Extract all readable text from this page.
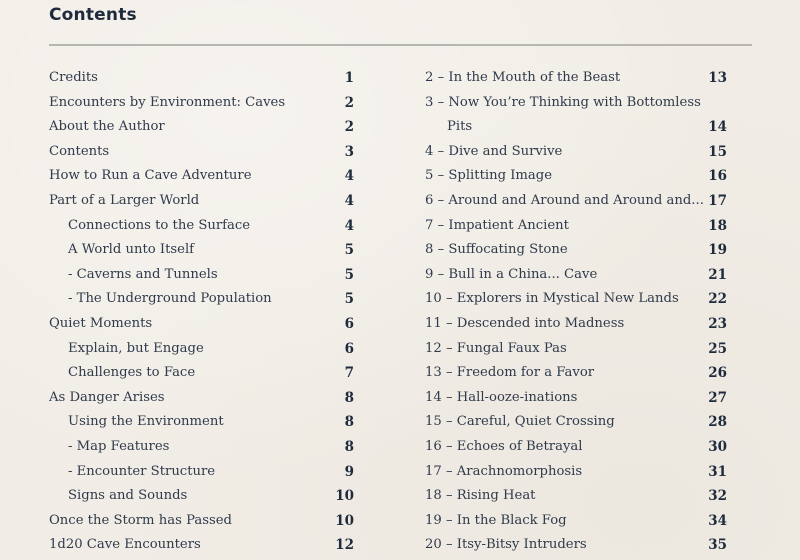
Contents
Credits	1
Encounters by Environment: Caves	2
About the Author	2
Contents	3
How to Run a Cave Adventure	4
Part of a Larger World	4
Connections to the Surface	4
A World unto Itself	5
- Caverns and Tunnels	5
- The Underground Population	5
Quiet Moments	6
Explain, but Engage	6
Challenges to Face	7
As Danger Arises	8
Using the Environment	8
- Map Features	8
- Encounter Structure	9
Signs and Sounds	10
Once the Storm has Passed	10
1d20 Cave Encounters	12
2 – In the Mouth of the Beast	13
3 – Now You’re Thinking with Bottomless
Pits	14
4 – Dive and Survive	15
5 – Splitting Image	16
6 – Around and Around and Around and... 17
7 – Impatient Ancient	18
8 – Suffocating Stone	19
9 – Bull in a China... Cave	21
10 – Explorers in Mystical New Lands 22
11 – Descended into Madness	23
12 – Fungal Faux Pas	25
13 – Freedom for a Favor	26
14 – Hall-ooze-inations	27
15 – Careful, Quiet Crossing	28
16 – Echoes of Betrayal	30
17 – Arachnomorphosis	31
18 – Rising Heat	32
19 – In the Black Fog	34
20 – Itsy-Bitsy Intruders	35
